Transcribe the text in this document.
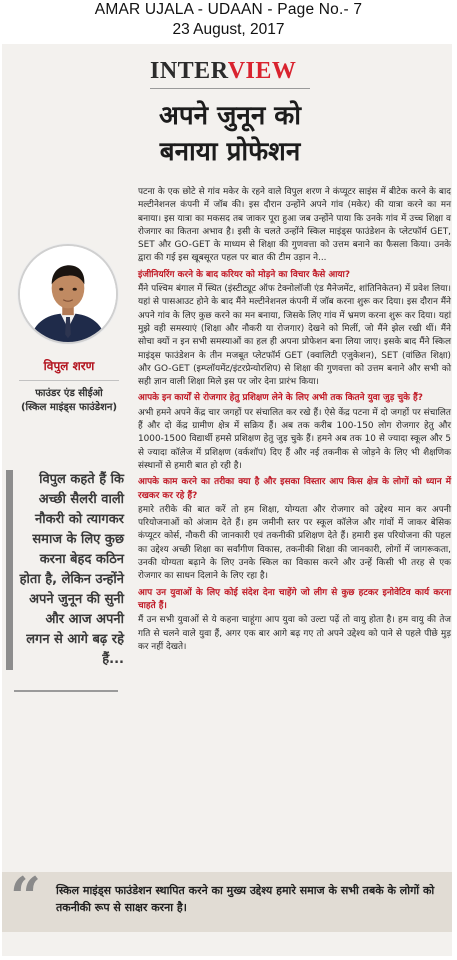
AMAR UJALA - UDAAN - Page No.- 7
23 August, 2017
INTERVIEW
अपने जुनून को
बनाया प्रोफेशन
विपुल शरण
फाउंडर एंड सीईओ
(स्किल माइंड्स फाउंडेशन)
विपुल कहते हैं कि अच्छी सैलरी वाली नौकरी को त्यागकर समाज के लिए कुछ करना बेहद कठिन होता है, लेकिन उन्होंने अपने जुनून की सुनी और आज अपनी लगन से आगे बढ़ रहे हैं...

पटना के एक छोटे से गांव मकेर के रहने वाले विपुल शरण ने कंप्यूटर साइंस में बीटेक करने के बाद मल्टीनेशनल कंपनी में जॉब की। इस दौरान उन्होंने अपने गांव (मकेर) की यात्रा करने का मन बनाया। इस यात्रा का मकसद तब जाकर पूरा हुआ जब उन्होंने पाया कि उनके गांव में उच्च शिक्षा व रोजगार का कितना अभाव है। इसी के चलते उन्होंने स्किल माइंड्स फाउंडेशन के प्लेटफॉर्म GET, SET और GO-GET के माध्यम से शिक्षा की गुणवत्ता को उत्तम बनाने का फैसला किया। उनके द्वारा की गई इस खूबसूरत पहल पर बात की टीम उड़ान ने...

इंजीनियरिंग करने के बाद करियर को मोड़ने का विचार कैसे आया?

मैंने पश्चिम बंगाल में स्थित (इंस्टीट्यूट ऑफ टेक्नोलॉजी एंड मैनेजमेंट, शांतिनिकेतन) में प्रवेश लिया। यहां से पासआउट होने के बाद मैंने मल्टीनेशनल कंपनी में जॉब करना शुरू कर दिया। इस दौरान मैंने अपने गांव के लिए कुछ करने का मन बनाया, जिसके लिए गांव में भ्रमण करना शुरू कर दिया। यहां मुझे वही समस्याएं (शिक्षा और नौकरी या रोजगार) देखने को मिलीं, जो मैंने झेल रखी थीं। मैंने सोचा क्यों न इन सभी समस्याओं का हल ही अपना प्रोफेशन बना लिया जाए। इसके बाद मैंने स्किल माइंड्स फाउंडेशन के तीन मजबूत प्लेटफॉर्म GET (क्वालिटी एजुकेशन), SET (वांछित शिक्षा) और GO-GET (इम्प्लॉयमेंट/इंटरप्रेन्योरशिप) से शिक्षा की गुणवत्ता को उत्तम बनाने और सभी को सही ज्ञान वाली शिक्षा मिले इस पर जोर देना प्रारंभ किया।

आपके इन कार्यों से रोजगार हेतु प्रशिक्षण लेने के लिए अभी तक कितने युवा जुड़ चुके हैं?

अभी हमने अपने केंद्र चार जगहों पर संचालित कर रखे हैं। ऐसे केंद्र पटना में दो जगहों पर संचालित हैं और दो केंद्र ग्रामीण क्षेत्र में सक्रिय हैं। अब तक करीब 100-150 लोग रोजगार हेतु और 1000-1500 विद्यार्थी हमसे प्रशिक्षण हेतु जुड़ चुके हैं। हमने अब तक 10 से ज्यादा स्कूल और 5 से ज्यादा कॉलेज में प्रशिक्षण (वर्कशॉप) दिए हैं और नई तकनीक से जोड़ने के लिए भी शैक्षणिक संस्थानों से हमारी बात हो रही है।

आपके काम करने का तरीका क्या है और इसका विस्तार आप किस क्षेत्र के लोगों को ध्यान में रखकर कर रहे हैं?

हमारे तरीके की बात करें तो हम शिक्षा, योग्यता और रोजगार को उद्देश्य मान कर अपनी परियोजनाओं को अंजाम देते हैं। हम जमीनी स्तर पर स्कूल कॉलेज और गांवों में जाकर बेसिक कंप्यूटर कोर्स, नौकरी की जानकारी एवं तकनीकी प्रशिक्षण देते हैं। हमारी इस परियोजना की पहल का उद्देश्य अच्छी शिक्षा का सर्वांगीण विकास, तकनीकी शिक्षा की जानकारी, लोगों में जागरूकता, उनकी योग्यता बढ़ाने के लिए उनके स्किल का विकास करने और उन्हें किसी भी तरह से एक रोजगार का साधन दिलाने के लिए रहा है।

आप उन युवाओं के लिए कोई संदेश देना चाहेंगे जो लीग से कुछ हटकर इनोवेटिव कार्य करना चाहते हैं।

मैं उन सभी युवाओं से ये कहना चाहूंगा आप युवा को उल्टा पढ़ें तो वायु होता है। हम वायु की तेज गति से चलने वाले युवा हैं, अगर एक बार आगे बढ़ गए तो अपने उद्देश्य को पाने से पहले पीछे मुड़ कर नहीं देखते।

“ स्किल माइंड्स फाउंडेशन स्थापित करने का मुख्य उद्देश्य हमारे समाज के सभी तबके के लोगों को तकनीकी रूप से साक्षर करना है।
